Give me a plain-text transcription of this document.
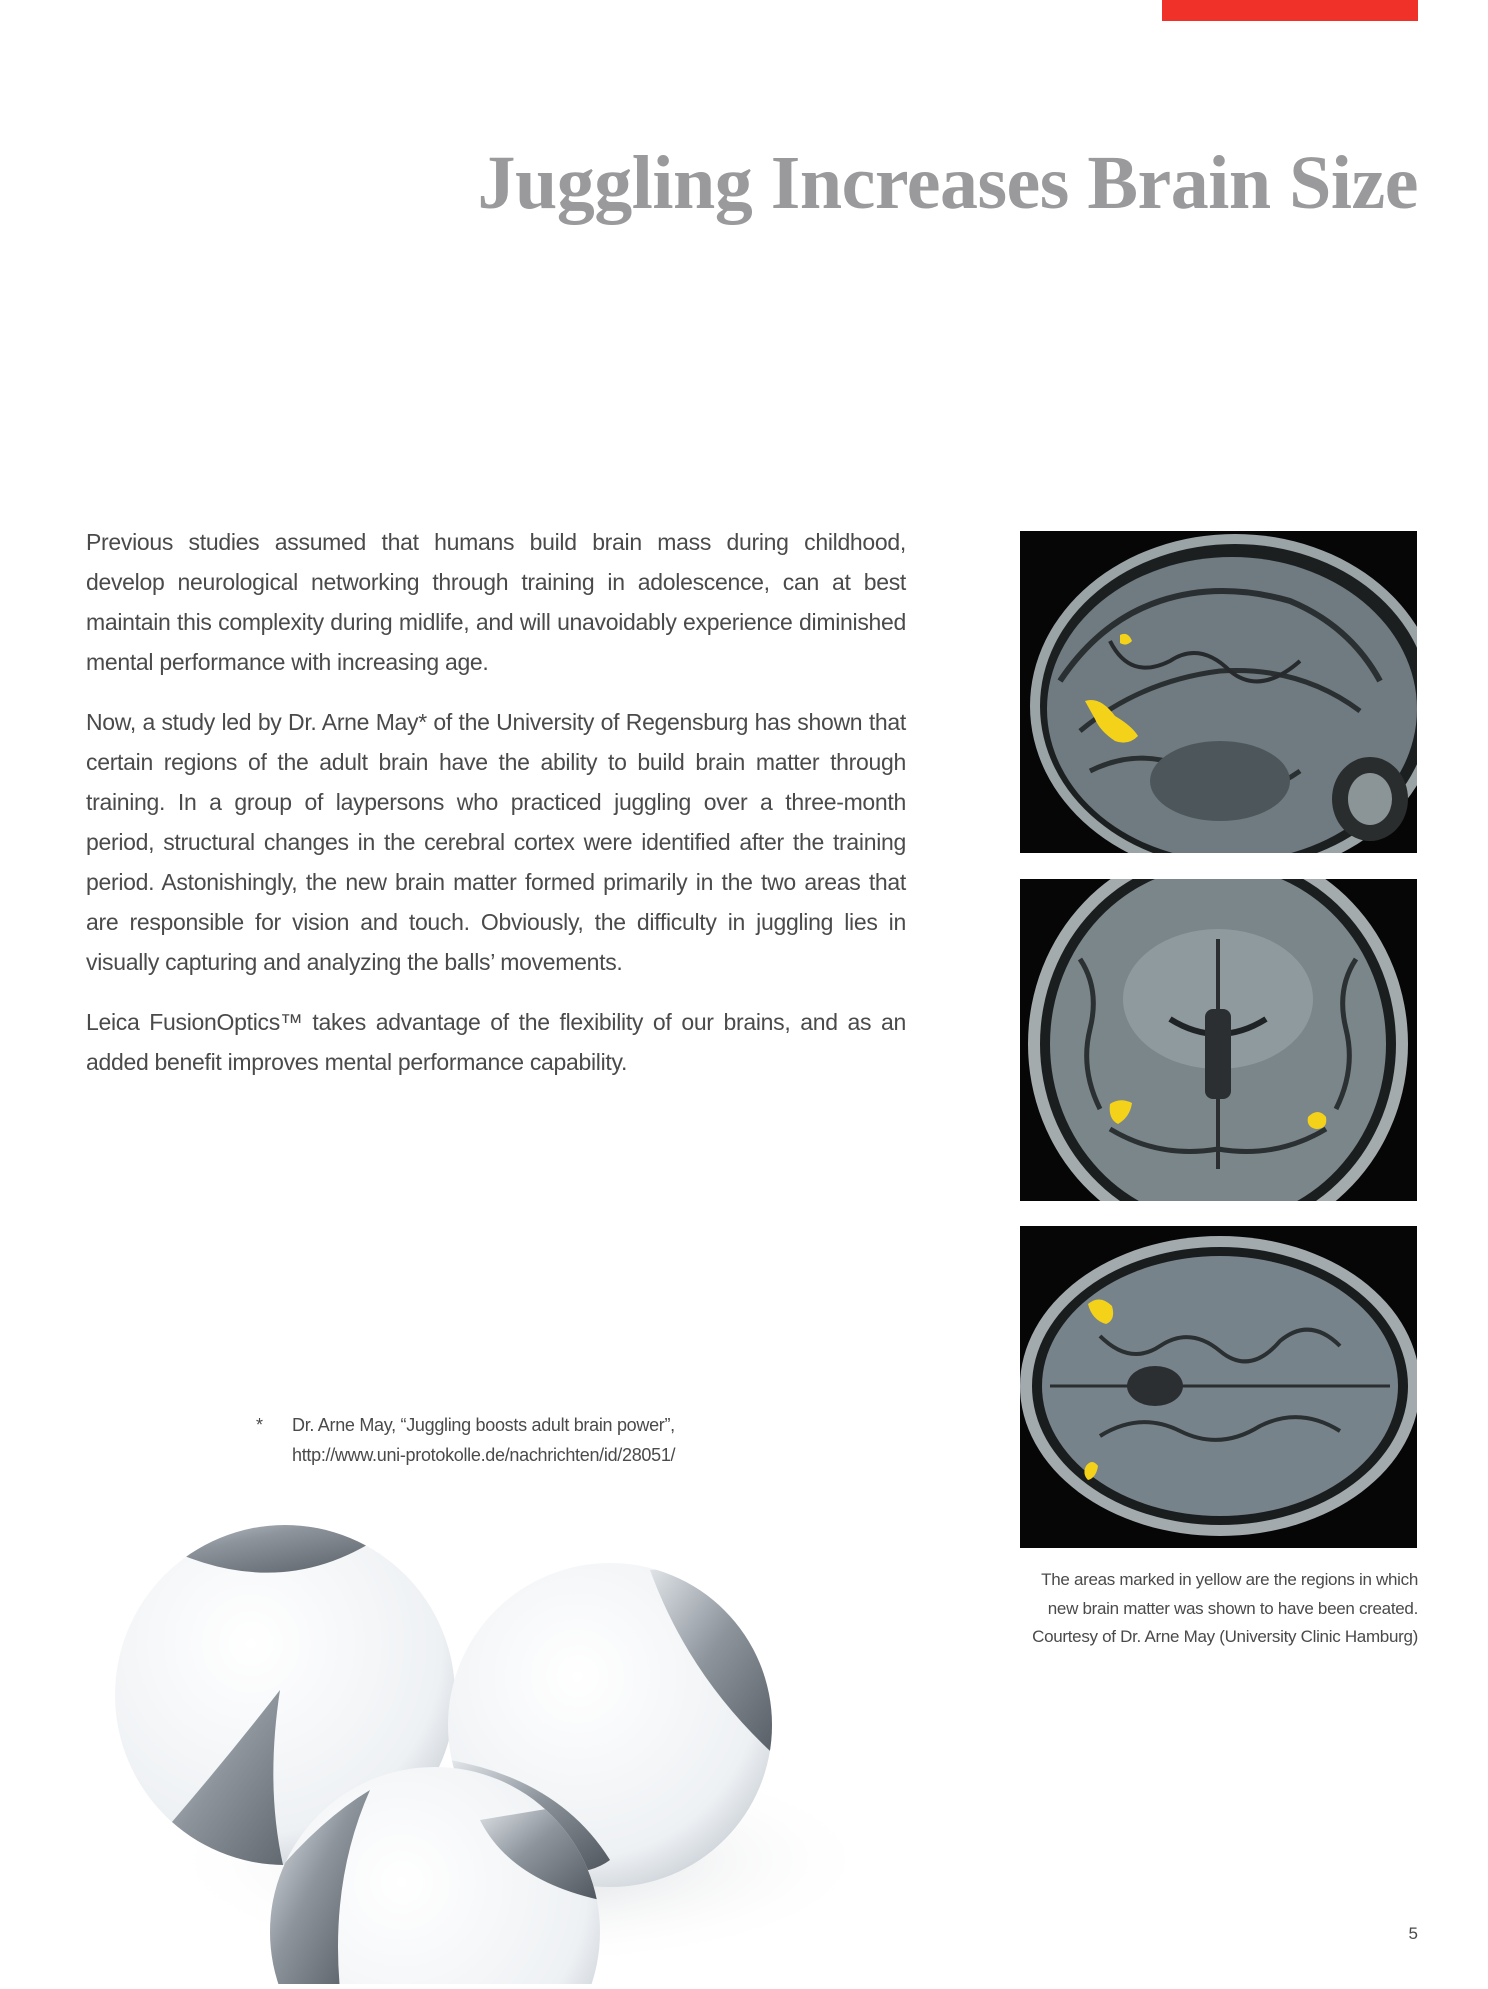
Juggling Increases Brain Size

Previous studies assumed that humans build brain mass during childhood, develop neurological networking through training in adolescence, can at best maintain this complexity during midlife, and will unavoidably experience diminished mental performance with increasing age.

Now, a study led by Dr. Arne May* of the University of Regensburg has shown that certain regions of the adult brain have the ability to build brain matter through training. In a group of laypersons who practiced juggling over a three-month period, structural changes in the cerebral cortex were identified after the training period. Astonishingly, the new brain matter formed primarily in the two areas that are responsible for vision and touch. Obviously, the difficulty in juggling lies in visually capturing and analyzing the balls’ movements.

Leica FusionOptics™ takes advantage of the flexibility of our brains, and as an added benefit improves mental performance capability.

*	Dr. Arne May, “Juggling boosts adult brain power”,
http://www.uni-protokolle.de/nachrichten/id/28051/
The areas marked in yellow are the regions in which
new brain matter was shown to have been created.
Courtesy of Dr. Arne May (University Clinic Hamburg)
5
